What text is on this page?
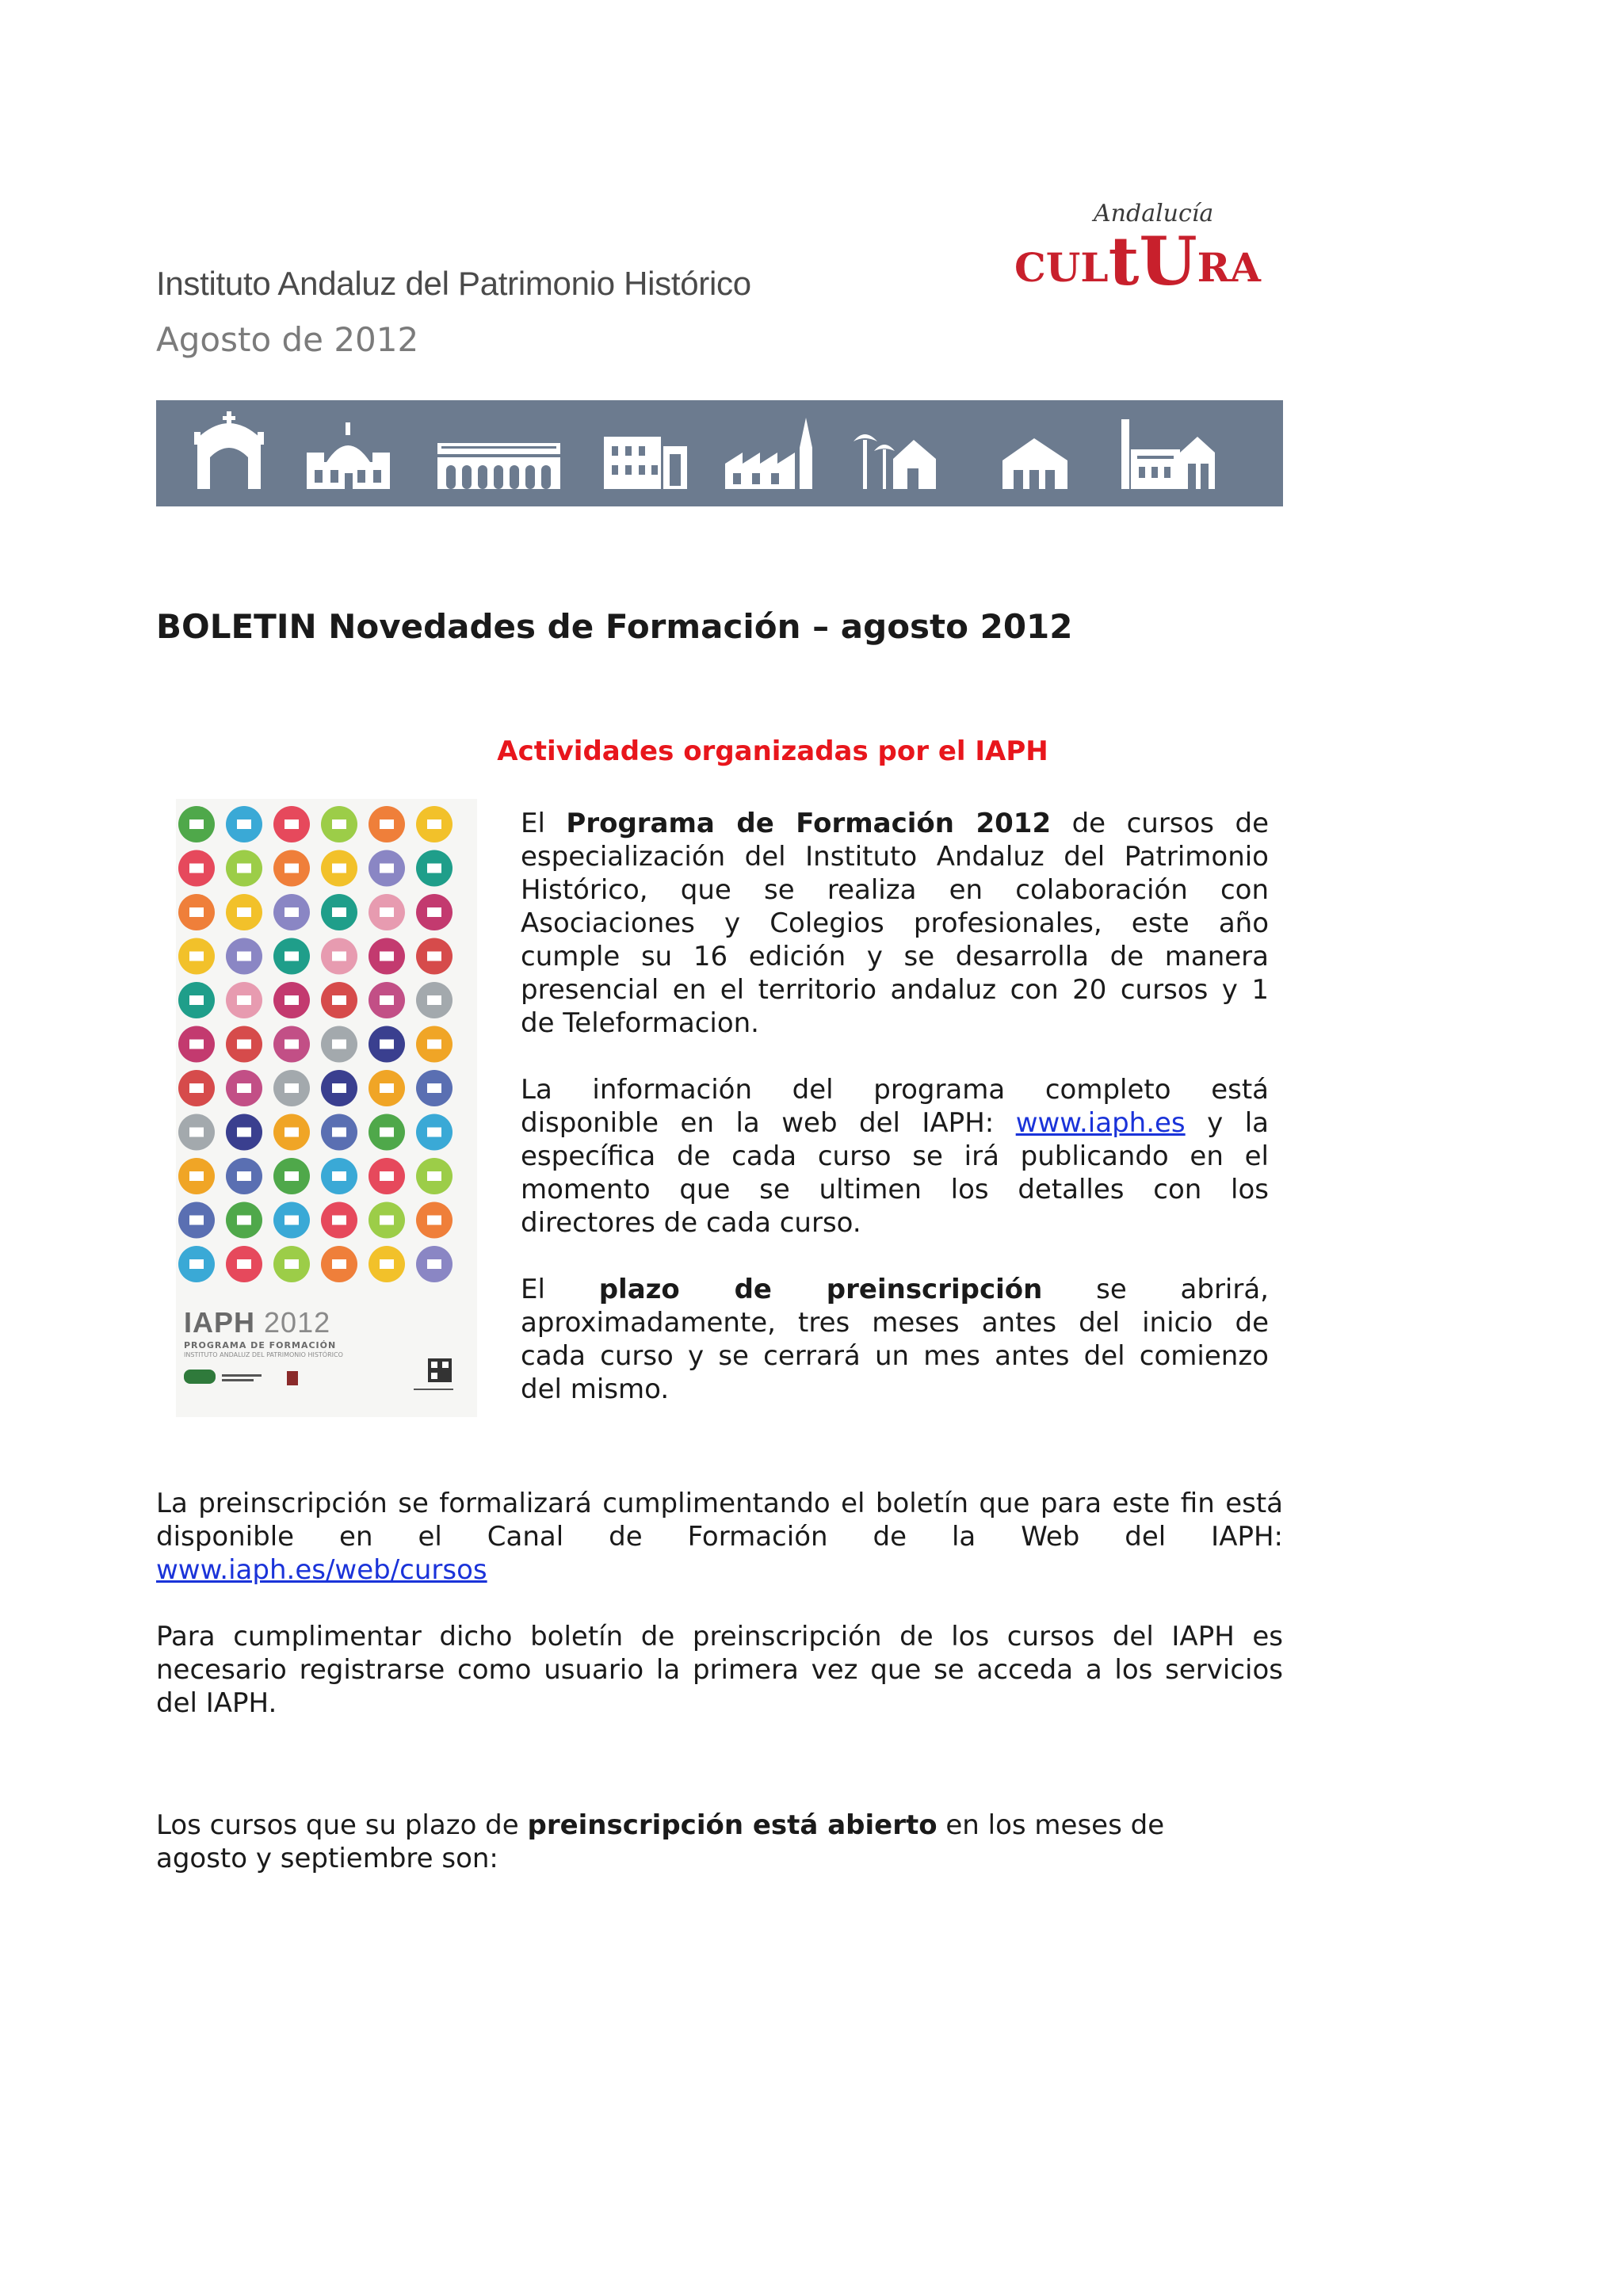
Instituto Andaluz del Patrimonio Histórico
Agosto de 2012
Andalucía
CULtURA
BOLETIN Novedades de Formación – agosto 2012
Actividades organizadas por el IAPH
IAPH 2012
PROGRAMA DE FORMACIÓN
INSTITUTO ANDALUZ DEL PATRIMONIO HISTÓRICO
El Programa de Formación 2012 de cursos de
especialización del Instituto Andaluz del Patrimonio
Histórico, que se realiza en colaboración con
Asociaciones y Colegios profesionales, este año
cumple su 16 edición y se desarrolla de manera
presencial en el territorio andaluz con 20 cursos y 1
de Teleformacion.
La información del programa completo está
disponible en la web del IAPH: www.iaph.es y la
específica de cada curso se irá publicando en el
momento que se ultimen los detalles con los
directores de cada curso.
El plazo de preinscripción se abrirá,
aproximadamente, tres meses antes del inicio de
cada curso y se cerrará un mes antes del comienzo
del mismo.
La preinscripción se formalizará cumplimentando el boletín que para este fin está
disponible en el Canal de Formación de la Web del IAPH:
www.iaph.es/web/cursos
Para cumplimentar dicho boletín de preinscripción de los cursos del IAPH es
necesario registrarse como usuario la primera vez que se acceda a los servicios
del IAPH.
Los cursos que su plazo de preinscripción está abierto en los meses de
agosto y septiembre son:
